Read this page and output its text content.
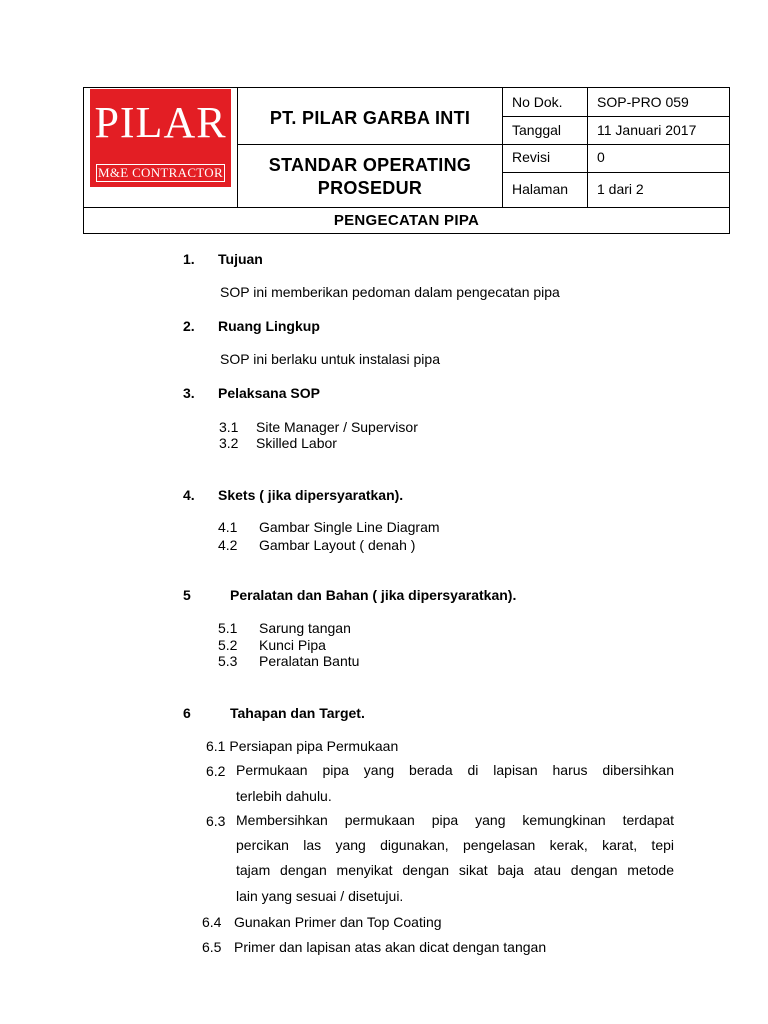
PILAR
M&E CONTRACTOR
PT. PILAR GARBA INTI
STANDAR OPERATING
PROSEDUR
No Dok. SOP-PRO 059
Tanggal	11 Januari 2017
Revisi	0
Halaman 1 dari 2
PENGECATAN PIPA
1. Tujuan
SOP ini memberikan pedoman dalam pengecatan pipa
2. Ruang Lingkup
SOP ini berlaku untuk instalasi pipa
3. Pelaksana SOP
3.1 Site Manager / Supervisor
3.2 Skilled Labor
4. Skets ( jika dipersyaratkan).
4.1 Gambar Single Line Diagram
4.2 Gambar Layout ( denah )
5	Peralatan dan Bahan ( jika dipersyaratkan).
5.1 Sarung tangan
5.2 Kunci Pipa
5.3 Peralatan Bantu
6	Tahapan dan Target.
6.1 Persiapan pipa Permukaan
6.2 Permukaan pipa yang berada di lapisan harus dibersihkan
terlebih dahulu.
6.3 Membersihkan permukaan pipa yang kemungkinan terdapat
percikan las yang digunakan, pengelasan kerak, karat, tepi
tajam dengan menyikat dengan sikat baja atau dengan metode
lain yang sesuai / disetujui.
6.4 Gunakan Primer dan Top Coating
6.5 Primer dan lapisan atas akan dicat dengan tangan
